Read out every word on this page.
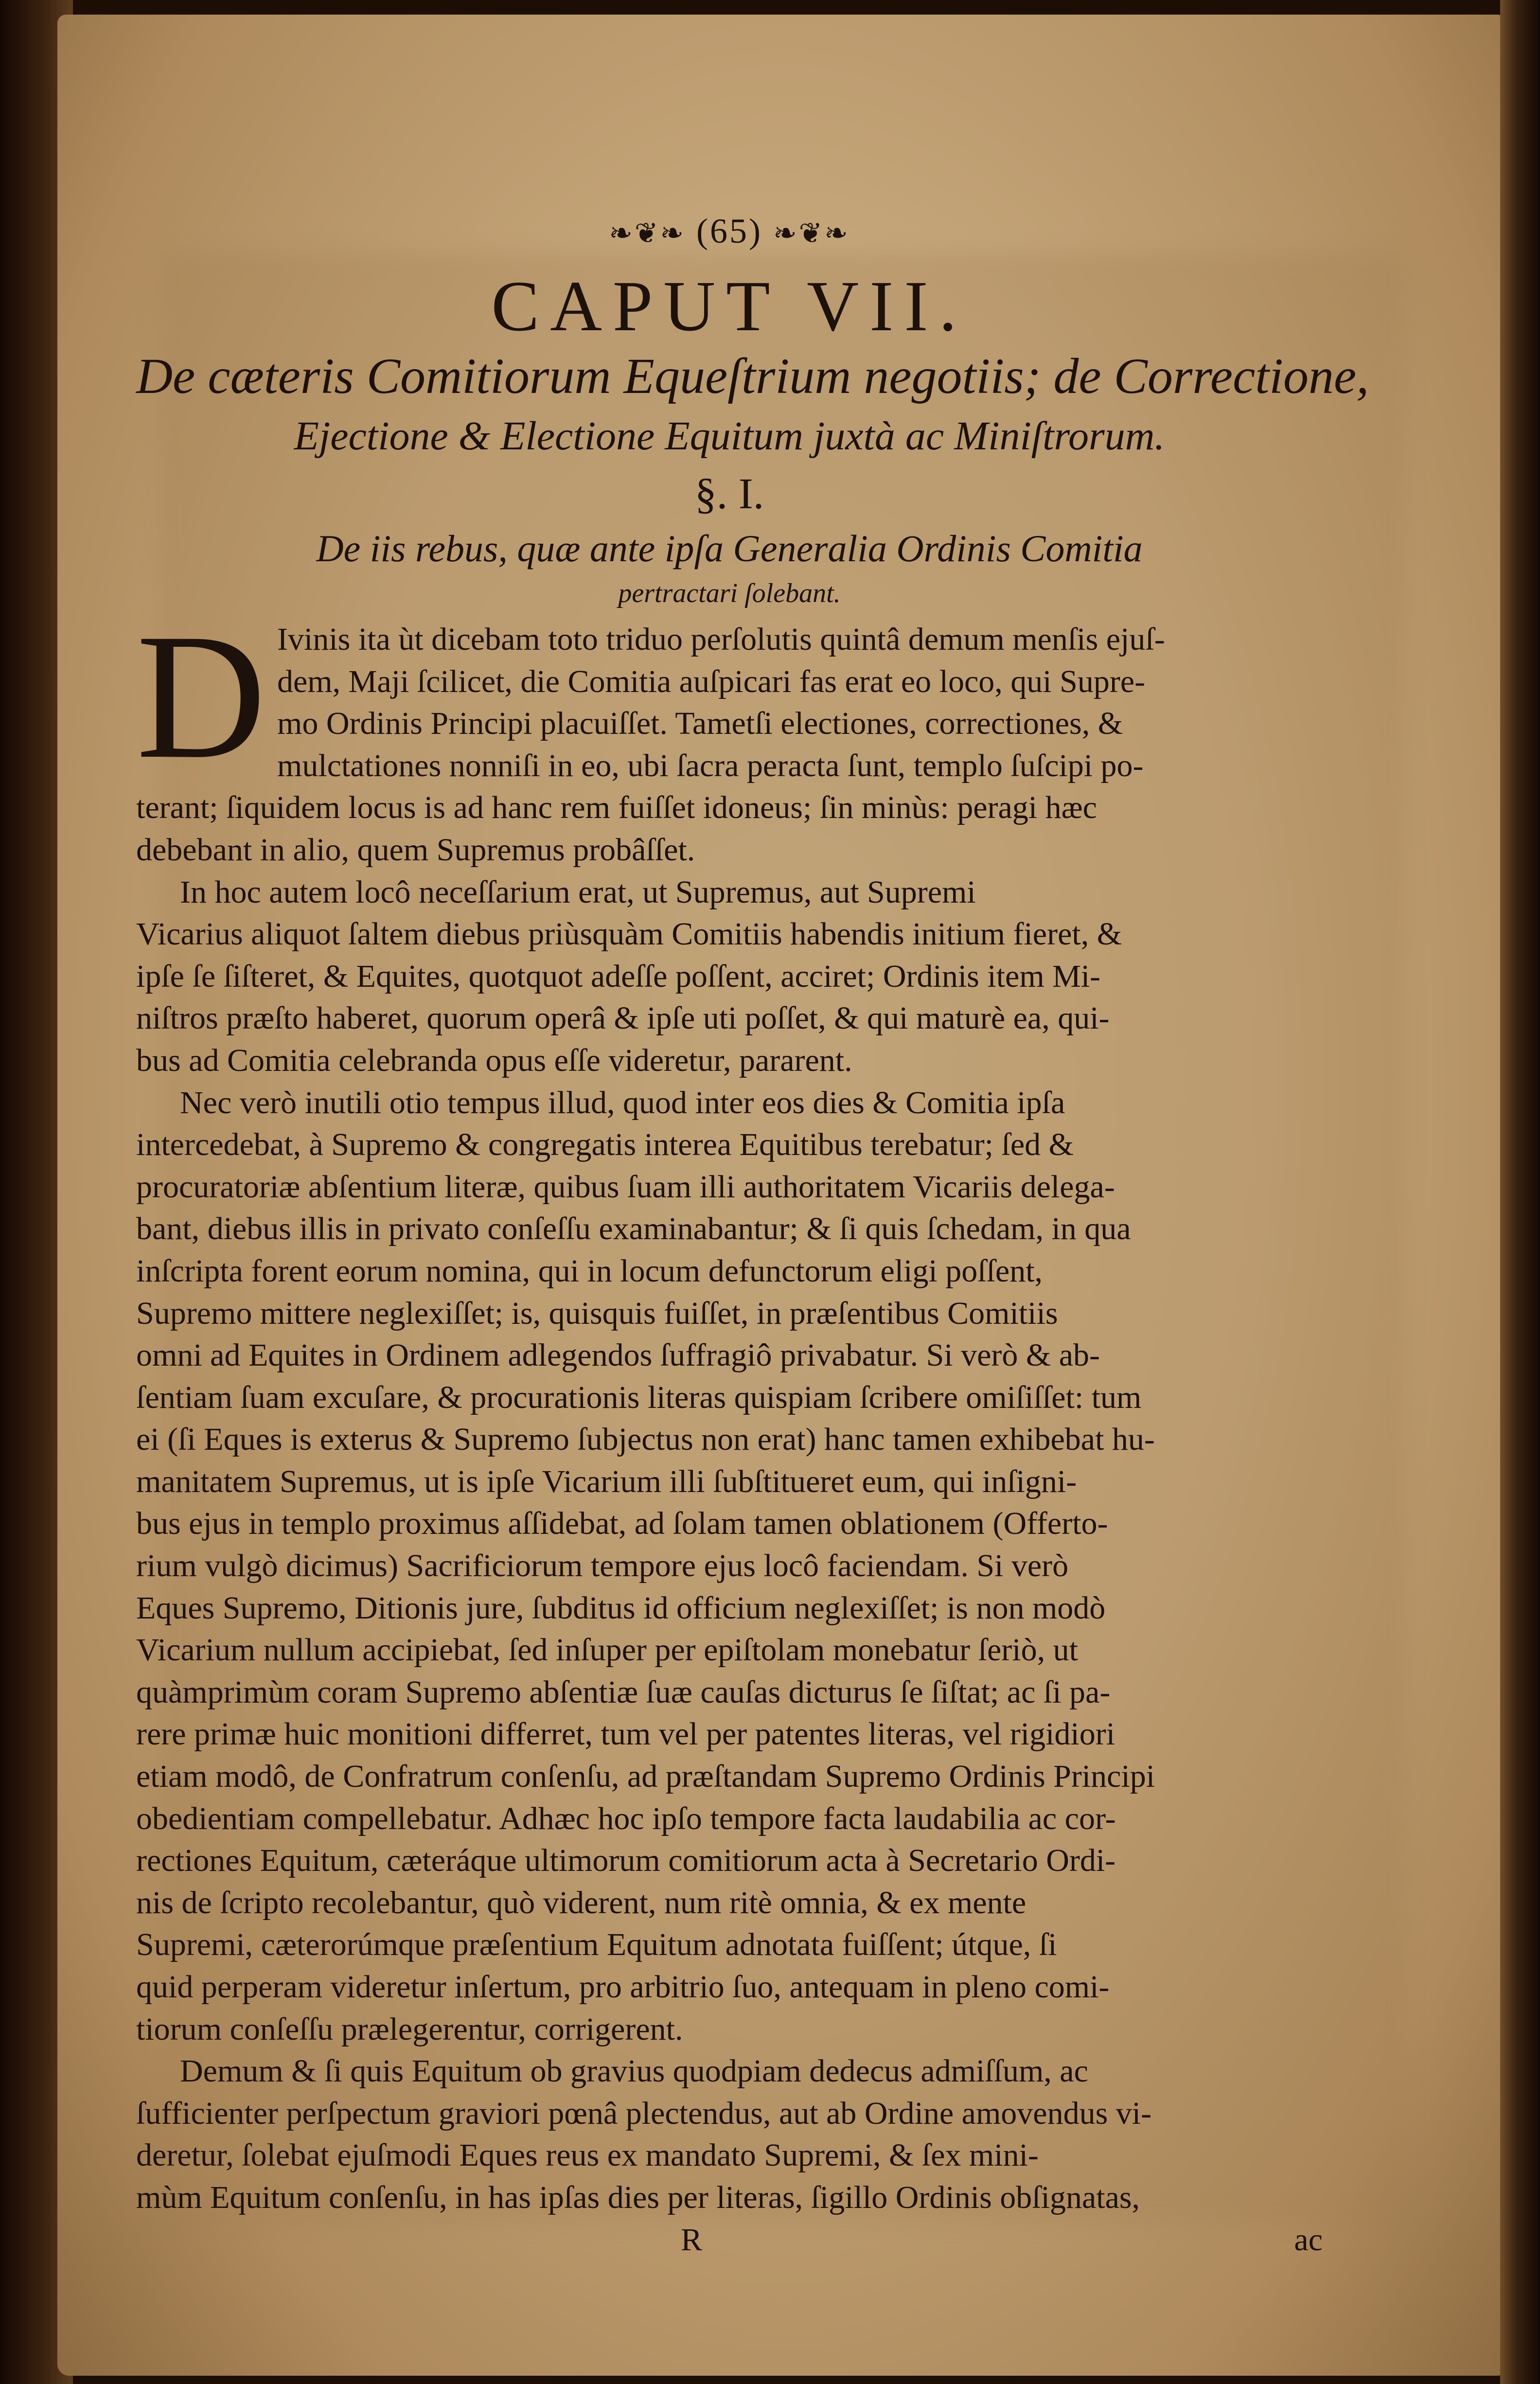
❧❦❧ (65) ❧❦❧
CAPUT VII.
De cæteris Comitiorum Equeſtrium negotiis; de Correctione,
Ejectione & Electione Equitum juxtà ac Miniſtrorum.
§. I.
De iis rebus, quæ ante ipſa Generalia Ordinis Comitia
pertractari ſolebant.
D Ivinis ita ùt dicebam toto triduo perſolutis quintâ demum menſis ejuſ-
dem, Maji ſcilicet, die Comitia auſpicari fas erat eo loco, qui Supre-
mo Ordinis Principi placuiſſet. Tametſi electiones, correctiones, &
mulctationes nonniſi in eo, ubi ſacra peracta ſunt, templo ſuſcipi po-
terant; ſiquidem locus is ad hanc rem fuiſſet idoneus; ſin minùs: peragi hæc
debebant in alio, quem Supremus probâſſet.
In hoc autem locô neceſſarium erat, ut Supremus, aut Supremi
Vicarius aliquot ſaltem diebus priùsquàm Comitiis habendis initium fieret, &
ipſe ſe ſiſteret, & Equites, quotquot adeſſe poſſent, acciret; Ordinis item Mi-
niſtros præſto haberet, quorum operâ & ipſe uti poſſet, & qui maturè ea, qui-
bus ad Comitia celebranda opus eſſe videretur, pararent.
Nec verò inutili otio tempus illud, quod inter eos dies & Comitia ipſa
intercedebat, à Supremo & congregatis interea Equitibus terebatur; ſed &
procuratoriæ abſentium literæ, quibus ſuam illi authoritatem Vicariis delega-
bant, diebus illis in privato conſeſſu examinabantur; & ſi quis ſchedam, in qua
inſcripta forent eorum nomina, qui in locum defunctorum eligi poſſent,
Supremo mittere neglexiſſet; is, quisquis fuiſſet, in præſentibus Comitiis
omni ad Equites in Ordinem adlegendos ſuffragiô privabatur. Si verò & ab-
ſentiam ſuam excuſare, & procurationis literas quispiam ſcribere omiſiſſet: tum
ei (ſi Eques is exterus & Supremo ſubjectus non erat) hanc tamen exhibebat hu-
manitatem Supremus, ut is ipſe Vicarium illi ſubſtitueret eum, qui inſigni-
bus ejus in templo proximus aſſidebat, ad ſolam tamen oblationem (Offerto-
rium vulgò dicimus) Sacrificiorum tempore ejus locô faciendam. Si verò
Eques Supremo, Ditionis jure, ſubditus id officium neglexiſſet; is non modò
Vicarium nullum accipiebat, ſed inſuper per epiſtolam monebatur ſeriò, ut
quàmprimùm coram Supremo abſentiæ ſuæ cauſas dicturus ſe ſiſtat; ac ſi pa-
rere primæ huic monitioni differret, tum vel per patentes literas, vel rigidiori
etiam modô, de Confratrum conſenſu, ad præſtandam Supremo Ordinis Principi
obedientiam compellebatur. Adhæc hoc ipſo tempore facta laudabilia ac cor-
rectiones Equitum, cæteráque ultimorum comitiorum acta à Secretario Ordi-
nis de ſcripto recolebantur, quò viderent, num ritè omnia, & ex mente
Supremi, cæterorúmque præſentium Equitum adnotata fuiſſent; útque, ſi
quid perperam videretur inſertum, pro arbitrio ſuo, antequam in pleno comi-
tiorum conſeſſu prælegerentur, corrigerent.
Demum & ſi quis Equitum ob gravius quodpiam dedecus admiſſum, ac
ſufficienter perſpectum graviori pœnâ plectendus, aut ab Ordine amovendus vi-
deretur, ſolebat ejuſmodi Eques reus ex mandato Supremi, & ſex mini-
mùm Equitum conſenſu, in has ipſas dies per literas, ſigillo Ordinis obſignatas,
R	ac
